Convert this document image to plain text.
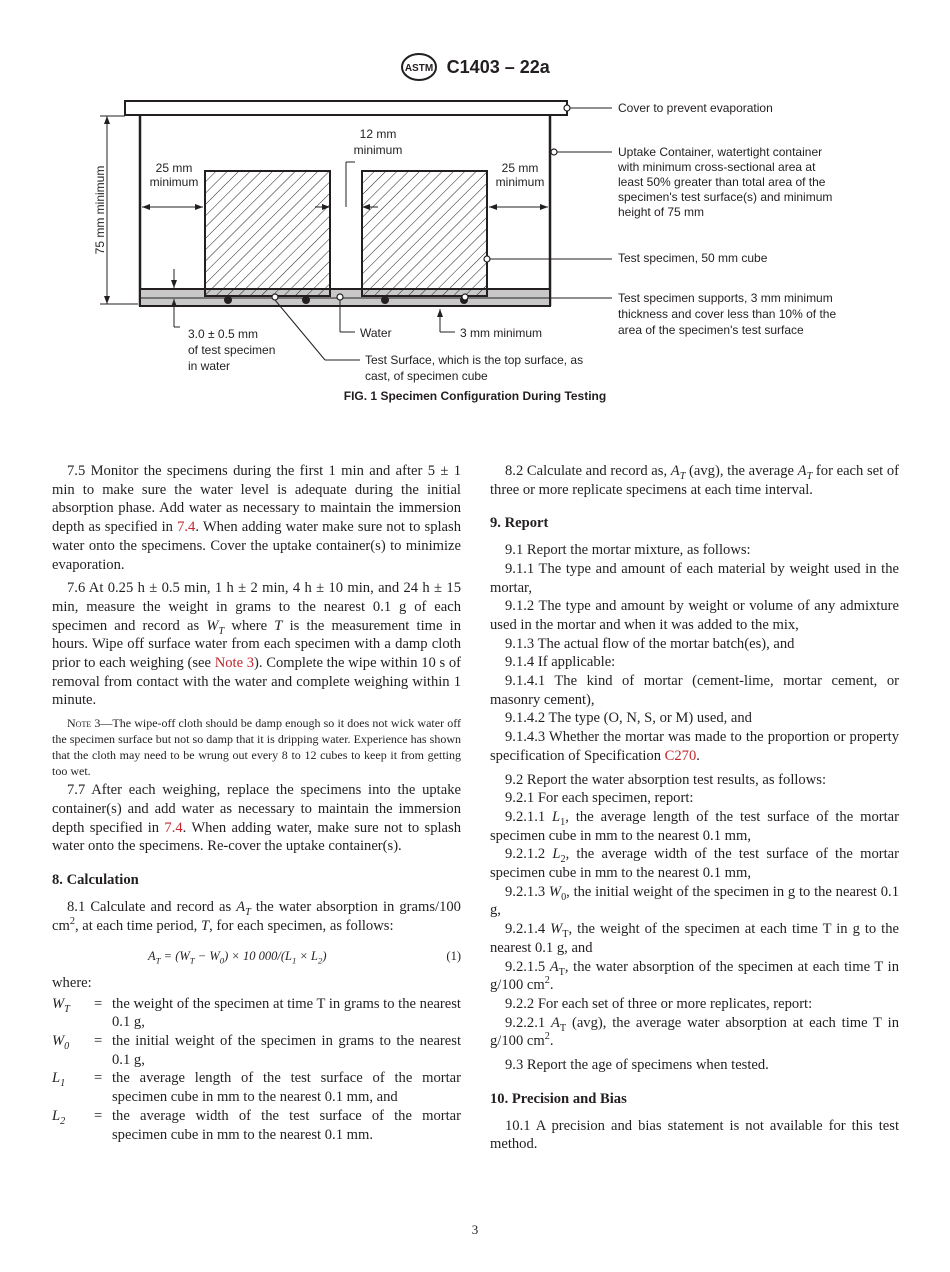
ASTM C1403 – 22a
75 mm minimum	25 mm
minimum
25 mm
minimum
12 mm
minimum
3.0 ± 0.5 mm
of test specimen
in water
Water	3 mm minimum
Test Surface, which is the top surface, as
cast, of specimen cube
Cover to prevent evaporation
Uptake Container, watertight container
with minimum cross-sectional area at
least 50% greater than total area of the
specimen's test surface(s) and minimum
height of 75 mm
Test specimen, 50 mm cube
Test specimen supports, 3 mm minimum
thickness and cover less than 10% of the
area of the specimen's test surface
FIG. 1 Specimen Configuration During Testing

7.5 Monitor the specimens during the first 1 min and after 5 ± 1 min to make sure the water level is adequate during the initial absorption phase. Add water as necessary to maintain the immersion depth as specified in 7.4. When adding water make sure not to splash water onto the specimens. Cover the uptake container(s) to minimize evaporation.

7.6 At 0.25 h ± 0.5 min, 1 h ± 2 min, 4 h ± 10 min, and 24 h ± 15 min, measure the weight in grams to the nearest 0.1 g of each specimen and record as $W_T$ where T is the measurement time in hours. Wipe off surface water from each specimen with a damp cloth prior to each weighing (see Note 3). Complete the wipe within 10 s of removal from contact with the water and complete weighing within 1 minute.

Note 3—The wipe-off cloth should be damp enough so it does not wick water off the specimen surface but not so damp that it is dripping water. Experience has shown that the cloth may need to be wrung out every 8 to 12 cubes to keep it from getting too wet.

7.7 After each weighing, replace the specimens into the uptake container(s) and add water as necessary to maintain the immersion depth specified in 7.4. When adding water, make sure not to splash water onto the specimens. Re-cover the uptake container(s).

8. Calculation

8.1 Calculate and record as $A_T$ the water absorption in grams/100 $cm^2$, at each time period, T, for each specimen, as follows:

$A_T = (W_T - W_0) \times 10$ $000/(L_1 \times L_2)$	(1)
where:
$W_T$	=	the weight of the specimen at time T in grams to the nearest 0.1 g,
$W_0$	=	the initial weight of the specimen in grams to the nearest 0.1 g,
$L_1$	=	the average length of the test surface of the mortar specimen cube in mm to the nearest 0.1 mm, and
$L_2$	=	the average width of the test surface of the mortar specimen cube in mm to the nearest 0.1 mm.

8.2 Calculate and record as, $A_T$ (avg), the average $A_T$ for each set of three or more replicate specimens at each time interval.

9. Report

9.1 Report the mortar mixture, as follows:

9.1.1 The type and amount of each material by weight used in the mortar,

9.1.2 The type and amount by weight or volume of any admixture used in the mortar and when it was added to the mix,

9.1.3 The actual flow of the mortar batch(es), and

9.1.4 If applicable:

9.1.4.1 The kind of mortar (cement-lime, mortar cement, or masonry cement),

9.1.4.2 The type (O, N, S, or M) used, and

9.1.4.3 Whether the mortar was made to the proportion or property specification of Specification C270.

9.2 Report the water absorption test results, as follows:

9.2.1 For each specimen, report:

9.2.1.1 $L_1$, the average length of the test surface of the mortar specimen cube in mm to the nearest 0.1 mm,

9.2.1.2 $L_2$, the average width of the test surface of the mortar specimen cube in mm to the nearest 0.1 mm,

9.2.1.3 $W_0$, the initial weight of the specimen in g to the nearest 0.1 g,

9.2.1.4 $W_T$, the weight of the specimen at each time T in g to the nearest 0.1 g, and

9.2.1.5 $A_T$, the water absorption of the specimen at each time T in g/100 $cm^2$.

9.2.2 For each set of three or more replicates, report:

9.2.2.1 $A_T$ (avg), the average water absorption at each time T in g/100 $cm^2$.

9.3 Report the age of specimens when tested.

10. Precision and Bias

10.1 A precision and bias statement is not available for this test method.

3
